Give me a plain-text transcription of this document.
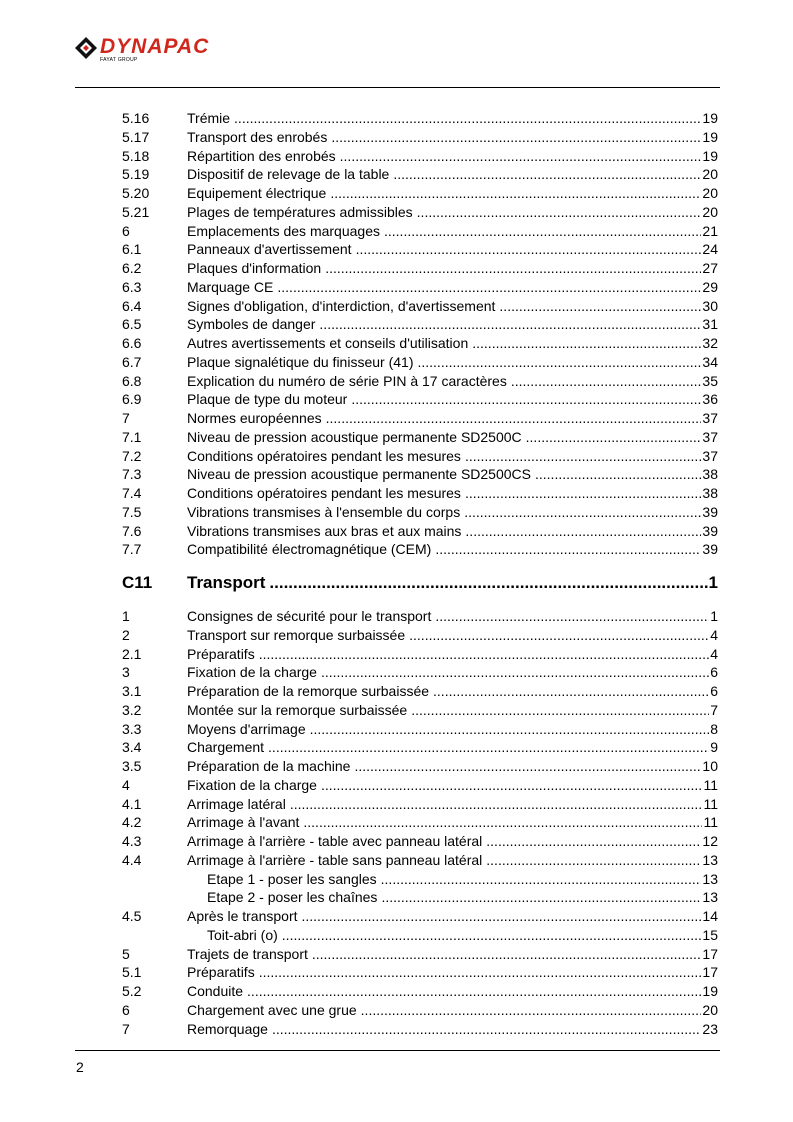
DYNAPAC
FAYAT GROUP
5.16	Trémie .....	19
5.17	Transport des enrobés .....	19
5.18	Répartition des enrobés .....	19
5.19	Dispositif de relevage de la table .....	20
5.20	Equipement électrique .....	20
5.21	Plages de températures admissibles .....	20
6	Emplacements des marquages .....	21
6.1	Panneaux d'avertissement .....	24
6.2	Plaques d'information .....	27
6.3	Marquage CE .....	29
6.4	Signes d'obligation, d'interdiction, d'avertissement .....	30
6.5	Symboles de danger .....	31
6.6	Autres avertissements et conseils d'utilisation .....	32
6.7	Plaque signalétique du finisseur (41) .....	34
6.8	Explication du numéro de série PIN à 17 caractères .....	35
6.9	Plaque de type du moteur .....	36
7	Normes européennes .....	37
7.1	Niveau de pression acoustique permanente SD2500C .....	37
7.2	Conditions opératoires pendant les mesures .....	37
7.3	Niveau de pression acoustique permanente SD2500CS .....	38
7.4	Conditions opératoires pendant les mesures .....	38
7.5	Vibrations transmises à l'ensemble du corps .....	39
7.6	Vibrations transmises aux bras et aux mains .....	39
7.7	Compatibilité électromagnétique (CEM) .....	39
C11	Transport .....	1
1	Consignes de sécurité pour le transport .....	1
2	Transport sur remorque surbaissée .....	4
2.1	Préparatifs .....	4
3	Fixation de la charge .....	6
3.1	Préparation de la remorque surbaissée .....	6
3.2	Montée sur la remorque surbaissée .....	7
3.3	Moyens d'arrimage .....	8
3.4	Chargement .....	9
3.5	Préparation de la machine .....	10
4	Fixation de la charge .....	11
4.1	Arrimage latéral .....	11
4.2	Arrimage à l'avant .....	11
4.3	Arrimage à l'arrière - table avec panneau latéral .....	12
4.4	Arrimage à l'arrière - table sans panneau latéral .....	13
Etape 1 - poser les sangles .....	13
Etape 2 - poser les chaînes .....	13
4.5	Après le transport .....	14
Toit-abri (o) .....	15
5	Trajets de transport .....	17
5.1	Préparatifs .....	17
5.2	Conduite .....	19
6	Chargement avec une grue .....	20
7	Remorquage .....	23
2
